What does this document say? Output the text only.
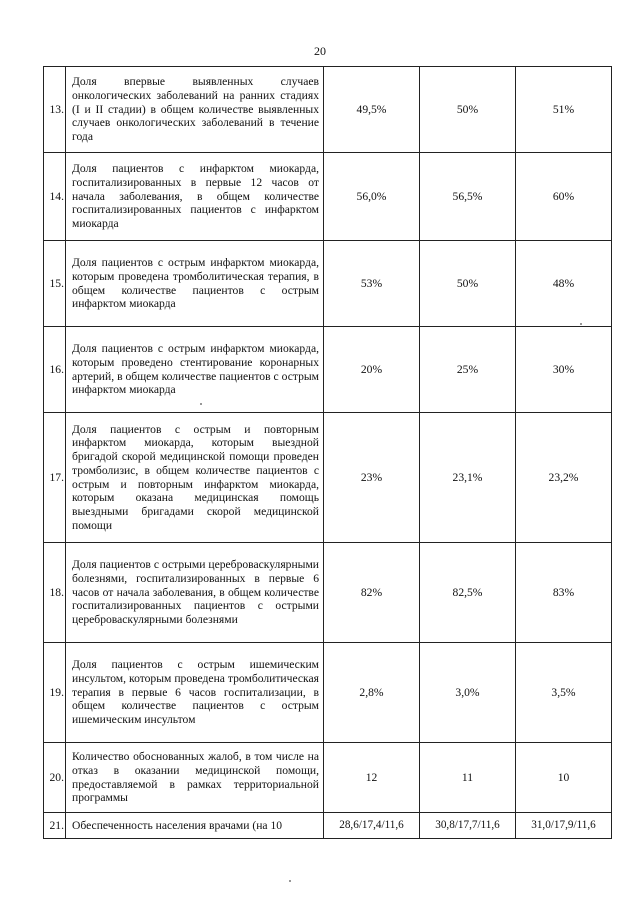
20
13.	Доля впервые выявленных случаев онкологических заболеваний на ранних стадиях (I и II стадии) в общем количестве выявленных случаев онкологических заболеваний в течение года	49,5%	50%	51%
14.	Доля пациентов с инфарктом миокарда, госпитализированных в первые 12 часов от начала заболевания, в общем количестве госпитализированных пациентов с инфарктом миокарда	56,0%	56,5%	60%
15.	Доля пациентов с острым инфарктом миокарда, которым проведена тромболитическая терапия, в общем количестве пациентов с острым инфарктом миокарда	53%	50%	48%
16.	Доля пациентов с острым инфарктом миокарда, которым проведено стентирование коронарных артерий, в общем количестве пациентов с острым инфарктом миокарда	20%	25%	30%
17.	Доля пациентов с острым и повторным инфарктом миокарда, которым выездной бригадой скорой медицинской помощи проведен тромболизис, в общем количестве пациентов с острым и повторным инфарктом миокарда, которым оказана медицинская помощь выездными бригадами скорой медицинской помощи	23%	23,1%	23,2%
18.	Доля пациентов с острыми цереброваскулярными болезнями, госпитализированных в первые 6 часов от начала заболевания, в общем количестве госпитализированных пациентов с острыми цереброваскулярными болезнями	82%	82,5%	83%
19.	Доля пациентов с острым ишемическим инсультом, которым проведена тромболитическая терапия в первые 6 часов госпитализации, в общем количестве пациентов с острым ишемическим инсультом	2,8%	3,0%	3,5%
20.	Количество обоснованных жалоб, в том числе на отказ в оказании медицинской помощи, предоставляемой в рамках территориальной программы	12	11	10
21.	Обеспеченность населения врачами (на 10	28,6/17,4/11,6	30,8/17,7/11,6	31,0/17,9/11,6
